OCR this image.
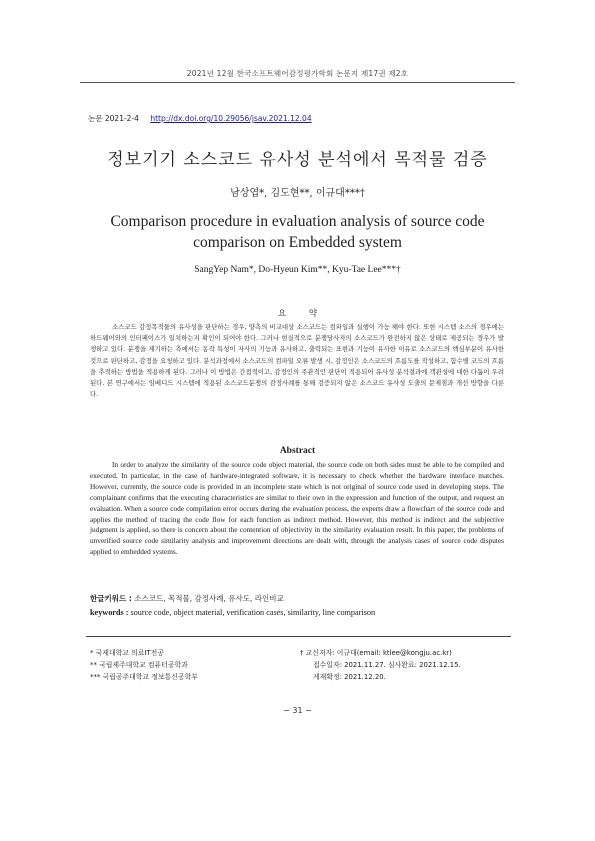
2021년 12월 한국소프트웨어감정평가학회 논문지 제17권 제2호
논문 2021-2-4 http://dx.doi.org/10.29056/jsav.2021.12.04
정보기기 소스코드 유사성 분석에서 목적물 검증
남상엽*, 김도현**, 이규대***†
Comparison procedure in evaluation analysis of source code
comparison on Embedded system
SangYep Nam*, Do-Hyeun Kim**, Kyu-Tae Lee***†
요 약

소스코드 감정목적물의 유사성을 판단하는 경우, 양측의 비교대상 소스코드는 컴파일과 실행이 가능 해야 한다. 또한 시스템 소스의 경우에는 하드웨어와의 인터페이스가 일치하는지 확인이 되어야 한다. 그러나 현실적으로 분쟁당사자의 소스코드가 완전하지 않은 상태로 제공되는 경우가 발생하고 있다. 분쟁을 제기하는 측에서는 동작 특성이 자사의 기능과 유사하고, 출력되는 표현과 기능이 유사한 이유로 소스코드의 핵심부분이 유사한 것으로 판단하고, 감정을 요청하고 있다. 분석과정에서 소스코드의 컴파일 오류 발생 시, 감정인은 소스코드의 흐름도를 작성하고, 함수별 코드의 흐름을 추적하는 방법을 적용하게 된다. 그러나 이 방법은 간접적이고, 감정인의 주관적인 판단이 적용되어 유사성 분석결과에 객관성에 대한 다툼이 우려된다. 본 연구에서는 임베디드 시스템에 적용된 소스코드분쟁의 감정사례를 통해 검증되지 않은 소스코드 유사성 도출의 문제점과 개선 방향을 다룬다.

Abstract

In order to analyze the similarity of the source code object material, the source code on both sides must be able to be compiled and executed. In particular, in the case of hardware-integrated software, it is necessary to check whether the hardware interface matches. However, currently, the source code is provided in an incomplete state which is not original of source code used in developing steps. The complainant confirms that the executing characteristics are similar to their own in the expression and function of the output, and request an evaluation. When a source code compilation error occurs during the evaluation process, the experts draw a flowchart of the source code and applies the method of tracing the code flow for each function as indirect method. However, this method is indirect and the subjective judgment is applied, so there is concern about the contention of objectivity in the similarity evaluation result. In this paper, the problems of unverified source code similarity analysis and improvement directions are dealt with, through the analysis cases of source code disputes applied to embedded systems.

한글키워드 : 소스코드, 목적물, 감정사례, 유사도, 라인비교
keywords : source code, object material, verification cases, similarity, line comparison
* 국제대학교 의료IT전공
** 국립제주대학교 컴퓨터공학과
*** 국립공주대학교 정보통신공학부
† 교신저자: 이규대(email: ktlee@kongju.ac.kr)
접수일자: 2021.11.27. 심사완료: 2021.12.15.
게재확정: 2021.12.20.
− 31 −
